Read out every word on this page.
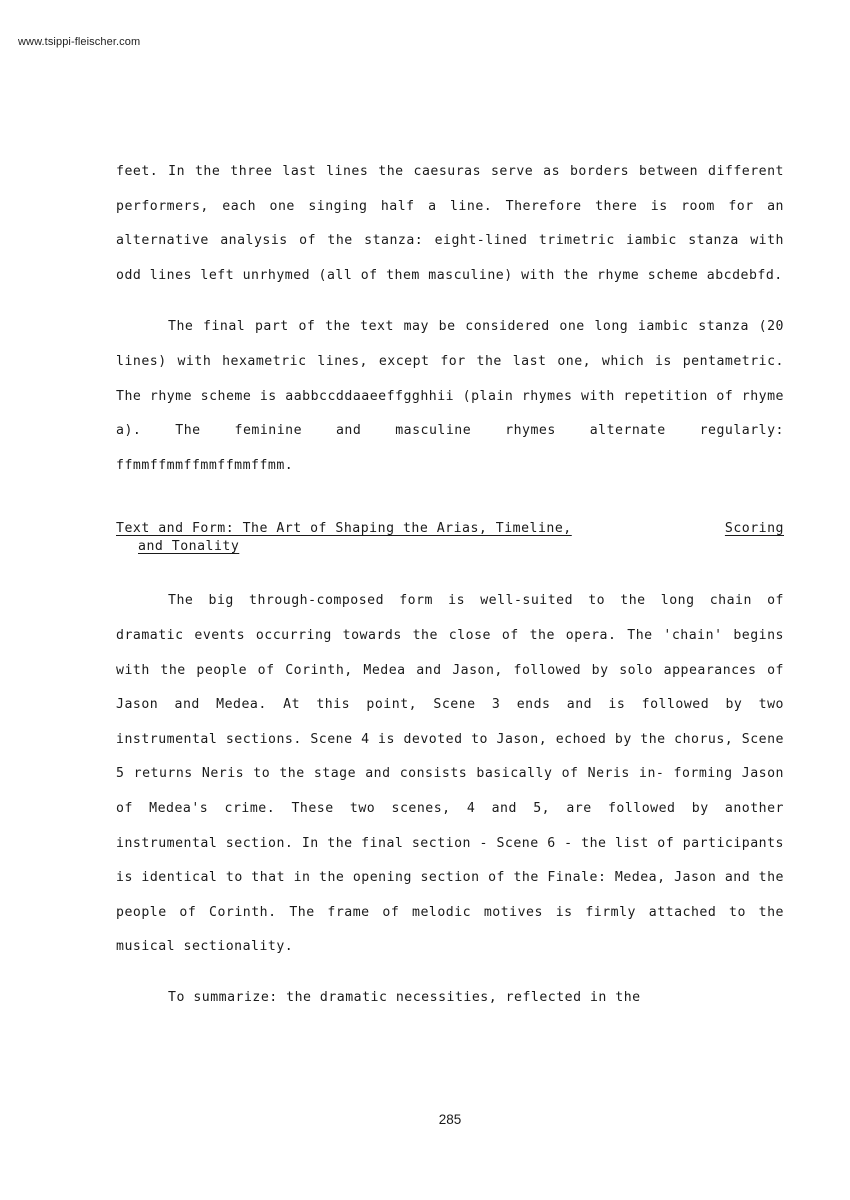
www.tsippi-fleischer.com

feet. In the three last lines the caesuras serve as borders between different performers, each one singing half a line. Therefore there is room for an alternative analysis of the stanza: eight-lined trimetric iambic stanza with odd lines left unrhymed (all of them masculine) with the rhyme scheme abcdebfd.

The final part of the text may be considered one long iambic stanza (20 lines) with hexametric lines, except for the last one, which is pentametric. The rhyme scheme is aabbccddaaeeffgghhii (plain rhymes with repetition of rhyme a). The feminine and masculine rhymes alternate regularly: ffmmffmmffmmffmmffmm.

Text and Form: The Art of Shaping the Arias, Timeline,	Scoring
and Tonality

The big through-composed form is well-suited to the long chain of dramatic events occurring towards the close of the opera. The 'chain' begins with the people of Corinth, Medea and Jason, followed by solo appearances of Jason and Medea. At this point, Scene 3 ends and is followed by two instrumental sections. Scene 4 is devoted to Jason, echoed by the chorus, Scene 5 returns Neris to the stage and consists basically of Neris in- forming Jason of Medea's crime. These two scenes, 4 and 5, are followed by another instrumental section. In the final section - Scene 6 - the list of participants is identical to that in the opening section of the Finale: Medea, Jason and the people of Corinth. The frame of melodic motives is firmly attached to the musical sectionality.

To summarize: the dramatic necessities, reflected in the

285
